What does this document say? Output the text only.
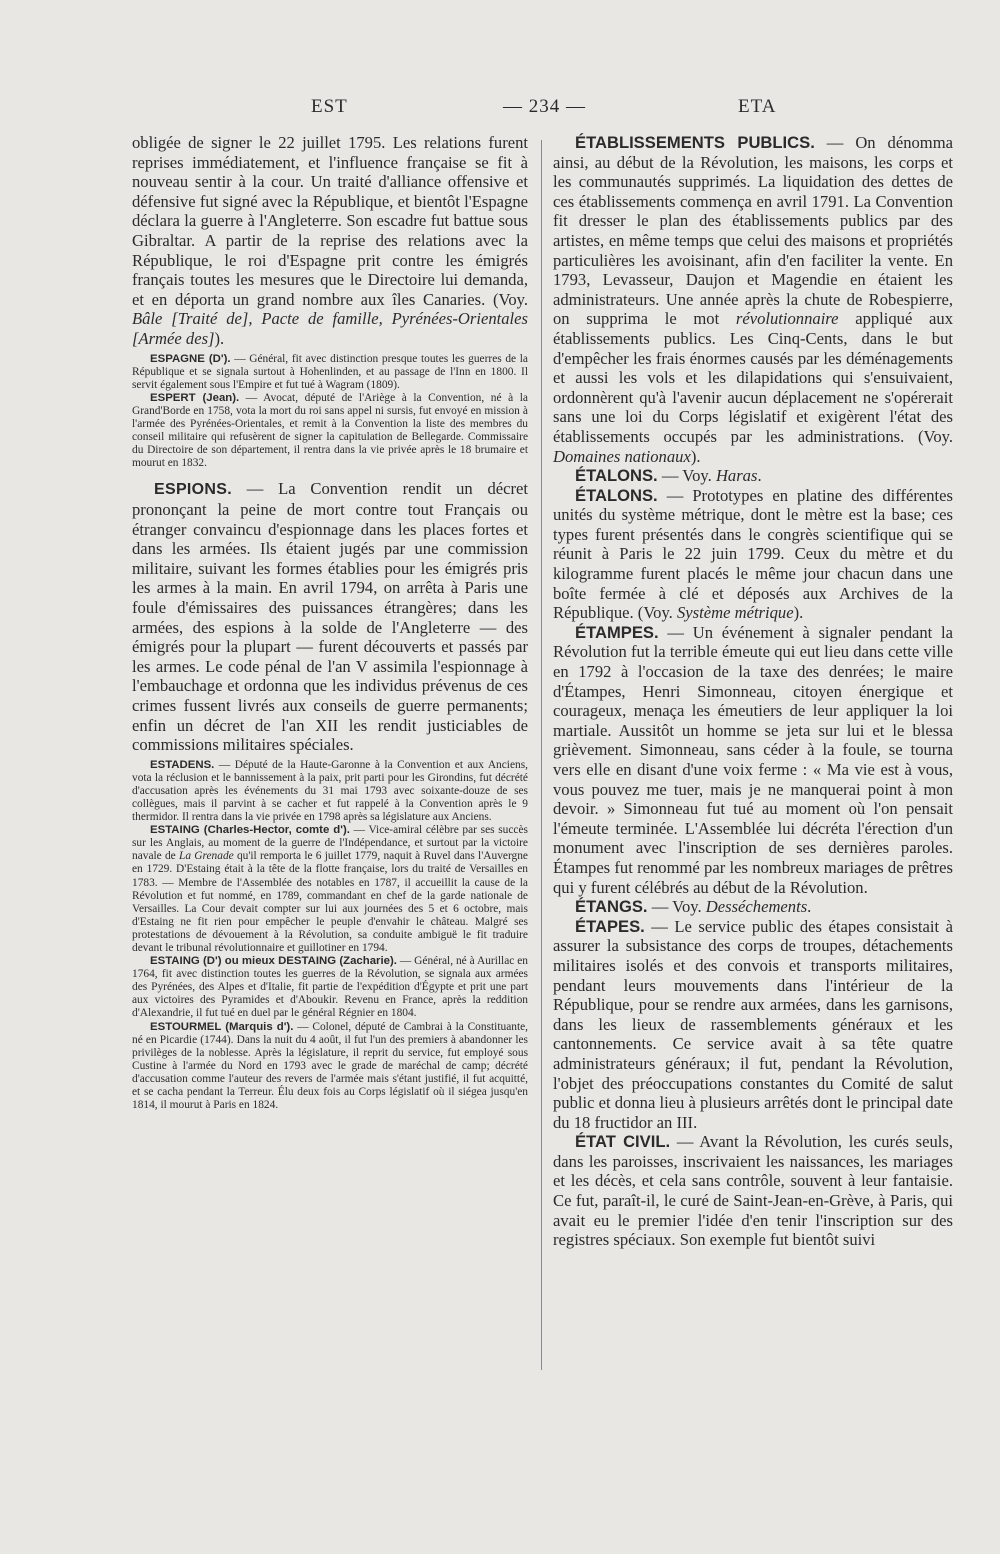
EST	— 234 —	ETA

obligée de signer le 22 juillet 1795. Les relations furent reprises immédiatement, et l'influence française se fit à nouveau sentir à la cour. Un traité d'alliance offensive et défensive fut signé avec la République, et bientôt l'Espagne déclara la guerre à l'Angleterre. Son escadre fut battue sous Gibraltar. A partir de la reprise des relations avec la République, le roi d'Espagne prit contre les émigrés français toutes les mesures que le Directoire lui demanda, et en déporta un grand nombre aux îles Canaries. (Voy. Bâle [Traité de], Pacte de famille, Pyrénées-Orientales [Armée des]).

ESPAGNE (D'). — Général, fit avec distinction presque toutes les guerres de la République et se signala surtout à Hohenlinden, et au passage de l'Inn en 1800. Il servit également sous l'Empire et fut tué à Wagram (1809).

ESPERT (Jean). — Avocat, député de l'Ariège à la Convention, né à la Grand'Borde en 1758, vota la mort du roi sans appel ni sursis, fut envoyé en mission à l'armée des Pyrénées-Orientales, et remit à la Convention la liste des membres du conseil militaire qui refusèrent de signer la capitulation de Bellegarde. Commissaire du Directoire de son département, il rentra dans la vie privée après le 18 brumaire et mourut en 1832.

ESPIONS. — La Convention rendit un décret prononçant la peine de mort contre tout Français ou étranger convaincu d'espionnage dans les places fortes et dans les armées. Ils étaient jugés par une commission militaire, suivant les formes établies pour les émigrés pris les armes à la main. En avril 1794, on arrêta à Paris une foule d'émissaires des puissances étrangères; dans les armées, des espions à la solde de l'Angleterre — des émigrés pour la plupart — furent découverts et passés par les armes. Le code pénal de l'an V assimila l'espionnage à l'embauchage et ordonna que les individus prévenus de ces crimes fussent livrés aux conseils de guerre permanents; enfin un décret de l'an XII les rendit justiciables de commissions militaires spéciales.

ESTADENS. — Député de la Haute-Garonne à la Convention et aux Anciens, vota la réclusion et le bannissement à la paix, prit parti pour les Girondins, fut décrété d'accusation après les événements du 31 mai 1793 avec soixante-douze de ses collègues, mais il parvint à se cacher et fut rappelé à la Convention après le 9 thermidor. Il rentra dans la vie privée en 1798 après sa législature aux Anciens.

ESTAING (Charles-Hector, comte d'). — Vice-amiral célèbre par ses succès sur les Anglais, au moment de la guerre de l'Indépendance, et surtout par la victoire navale de La Grenade qu'il remporta le 6 juillet 1779, naquit à Ruvel dans l'Auvergne en 1729. D'Estaing était à la tête de la flotte française, lors du traité de Versailles en 1783. — Membre de l'Assemblée des notables en 1787, il accueillit la cause de la Révolution et fut nommé, en 1789, commandant en chef de la garde nationale de Versailles. La Cour devait compter sur lui aux journées des 5 et 6 octobre, mais d'Estaing ne fit rien pour empêcher le peuple d'envahir le château. Malgré ses protestations de dévouement à la Révolution, sa conduite ambiguë le fit traduire devant le tribunal révolutionnaire et guillotiner en 1794.

ESTAING (D') ou mieux DESTAING (Zacharie). — Général, né à Aurillac en 1764, fit avec distinction toutes les guerres de la Révolution, se signala aux armées des Pyrénées, des Alpes et d'Italie, fit partie de l'expédition d'Égypte et prit une part aux victoires des Pyramides et d'Aboukir. Revenu en France, après la reddition d'Alexandrie, il fut tué en duel par le général Régnier en 1804.

ESTOURMEL (Marquis d'). — Colonel, député de Cambrai à la Constituante, né en Picardie (1744). Dans la nuit du 4 août, il fut l'un des premiers à abandonner les privilèges de la noblesse. Après la législature, il reprit du service, fut employé sous Custine à l'armée du Nord en 1793 avec le grade de maréchal de camp; décrété d'accusation comme l'auteur des revers de l'armée mais s'étant justifié, il fut acquitté, et se cacha pendant la Terreur. Élu deux fois au Corps législatif où il siégea jusqu'en 1814, il mourut à Paris en 1824.

ÉTABLISSEMENTS PUBLICS. — On dénomma ainsi, au début de la Révolution, les maisons, les corps et les communautés supprimés. La liquidation des dettes de ces établissements commença en avril 1791. La Convention fit dresser le plan des établissements publics par des artistes, en même temps que celui des maisons et propriétés particulières les avoisinant, afin d'en faciliter la vente. En 1793, Levasseur, Daujon et Magendie en étaient les administrateurs. Une année après la chute de Robespierre, on supprima le mot révolutionnaire appliqué aux établissements publics. Les Cinq-Cents, dans le but d'empêcher les frais énormes causés par les déménagements et aussi les vols et les dilapidations qui s'ensuivaient, ordonnèrent qu'à l'avenir aucun déplacement ne s'opérerait sans une loi du Corps législatif et exigèrent l'état des établissements occupés par les administrations. (Voy. Domaines nationaux).

ÉTALONS. — Voy. Haras.

ÉTALONS. — Prototypes en platine des différentes unités du système métrique, dont le mètre est la base; ces types furent présentés dans le congrès scientifique qui se réunit à Paris le 22 juin 1799. Ceux du mètre et du kilogramme furent placés le même jour chacun dans une boîte fermée à clé et déposés aux Archives de la République. (Voy. Système métrique).

ÉTAMPES. — Un événement à signaler pendant la Révolution fut la terrible émeute qui eut lieu dans cette ville en 1792 à l'occasion de la taxe des denrées; le maire d'Étampes, Henri Simonneau, citoyen énergique et courageux, menaça les émeutiers de leur appliquer la loi martiale. Aussitôt un homme se jeta sur lui et le blessa grièvement. Simonneau, sans céder à la foule, se tourna vers elle en disant d'une voix ferme : « Ma vie est à vous, vous pouvez me tuer, mais je ne manquerai point à mon devoir. » Simonneau fut tué au moment où l'on pensait l'émeute terminée. L'Assemblée lui décréta l'érection d'un monument avec l'inscription de ses dernières paroles. Étampes fut renommé par les nombreux mariages de prêtres qui y furent célébrés au début de la Révolution.

ÉTANGS. — Voy. Desséchements.

ÉTAPES. — Le service public des étapes consistait à assurer la subsistance des corps de troupes, détachements militaires isolés et des convois et transports militaires, pendant leurs mouvements dans l'intérieur de la République, pour se rendre aux armées, dans les garnisons, dans les lieux de rassemblements généraux et les cantonnements. Ce service avait à sa tête quatre administrateurs généraux; il fut, pendant la Révolution, l'objet des préoccupations constantes du Comité de salut public et donna lieu à plusieurs arrêtés dont le principal date du 18 fructidor an III.

ÉTAT CIVIL. — Avant la Révolution, les curés seuls, dans les paroisses, inscrivaient les naissances, les mariages et les décès, et cela sans contrôle, souvent à leur fantaisie. Ce fut, paraît-il, le curé de Saint-Jean-en-Grève, à Paris, qui avait eu le premier l'idée d'en tenir l'inscription sur des registres spéciaux. Son exemple fut bientôt suivi
